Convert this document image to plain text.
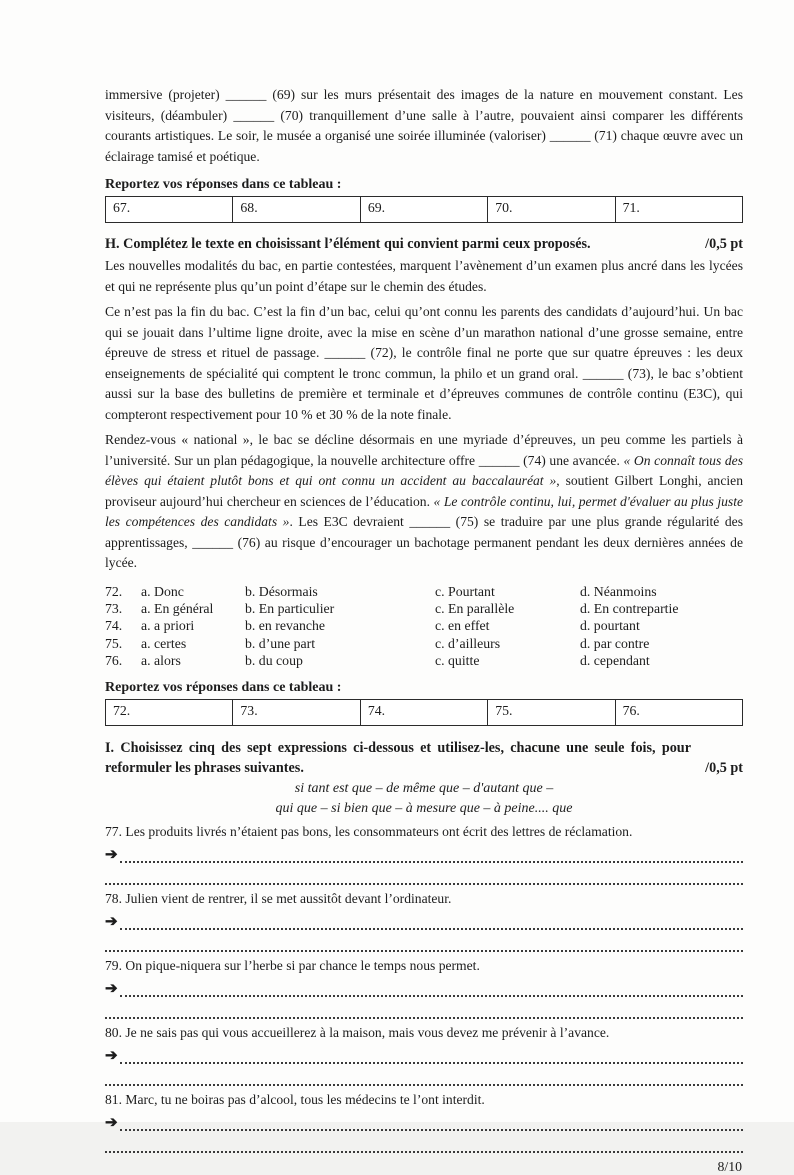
immersive (projeter) ______ (69) sur les murs présentait des images de la nature en mouvement constant. Les visiteurs, (déambuler) ______ (70) tranquillement d’une salle à l’autre, pouvaient ainsi comparer les différents courants artistiques. Le soir, le musée a organisé une soirée illuminée (valoriser) ______ (71) chaque œuvre avec un éclairage tamisé et poétique.

Reportez vos réponses dans ce tableau :
67.	68.	69.	70.	71.
H. Complétez le texte en choisissant l’élément qui convient parmi ceux proposés.	/0,5 pt

Les nouvelles modalités du bac, en partie contestées, marquent l’avènement d’un examen plus ancré dans les lycées et qui ne représente plus qu’un point d’étape sur le chemin des études.

Ce n’est pas la fin du bac. C’est la fin d’un bac, celui qu’ont connu les parents des candidats d’aujourd’hui. Un bac qui se jouait dans l’ultime ligne droite, avec la mise en scène d’un marathon national d’une grosse semaine, entre épreuve de stress et rituel de passage. ______ (72), le contrôle final ne porte que sur quatre épreuves : les deux enseignements de spécialité qui comptent le tronc commun, la philo et un grand oral. ______ (73), le bac s’obtient aussi sur la base des bulletins de première et terminale et d’épreuves communes de contrôle continu (E3C), qui compteront respectivement pour 10 % et 30 % de la note finale.

Rendez-vous « national », le bac se décline désormais en une myriade d’épreuves, un peu comme les partiels à l’université. Sur un plan pédagogique, la nouvelle architecture offre ______ (74) une avancée. « On connaît tous des élèves qui étaient plutôt bons et qui ont connu un accident au baccalauréat », soutient Gilbert Longhi, ancien proviseur aujourd’hui chercheur en sciences de l’éducation. « Le contrôle continu, lui, permet d'évaluer au plus juste les compétences des candidats ». Les E3C devraient ______ (75) se traduire par une plus grande régularité des apprentissages, ______ (76) au risque d’encourager un bachotage permanent pendant les deux dernières années de lycée.

72.	a. Donc	b. Désormais	c. Pourtant	d. Néanmoins
73.	a. En général	b. En particulier	c. En parallèle	d. En contrepartie
74.	a. a priori	b. en revanche	c. en effet	d. pourtant
75.	a. certes	b. d’une part	c. d’ailleurs	d. par contre
76.	a. alors	b. du coup	c. quitte	d. cependant
Reportez vos réponses dans ce tableau :
72.	73.	74.	75.	76.
I. Choisissez cinq des sept expressions ci-dessous et utilisez-les, chacune une seule fois, pour reformuler les phrases suivantes.	/0,5 pt
si tant est que – de même que – d'autant que –
qui que – si bien que – à mesure que – à peine.... que
77. Les produits livrés n’étaient pas bons, les consommateurs ont écrit des lettres de réclamation.
➔
78. Julien vient de rentrer, il se met aussitôt devant l’ordinateur.
➔
79. On pique-niquera sur l’herbe si par chance le temps nous permet.
➔
80. Je ne sais pas qui vous accueillerez à la maison, mais vous devez me prévenir à l’avance.
➔
81. Marc, tu ne boiras pas d’alcool, tous les médecins te l’ont interdit.
➔
8/10
